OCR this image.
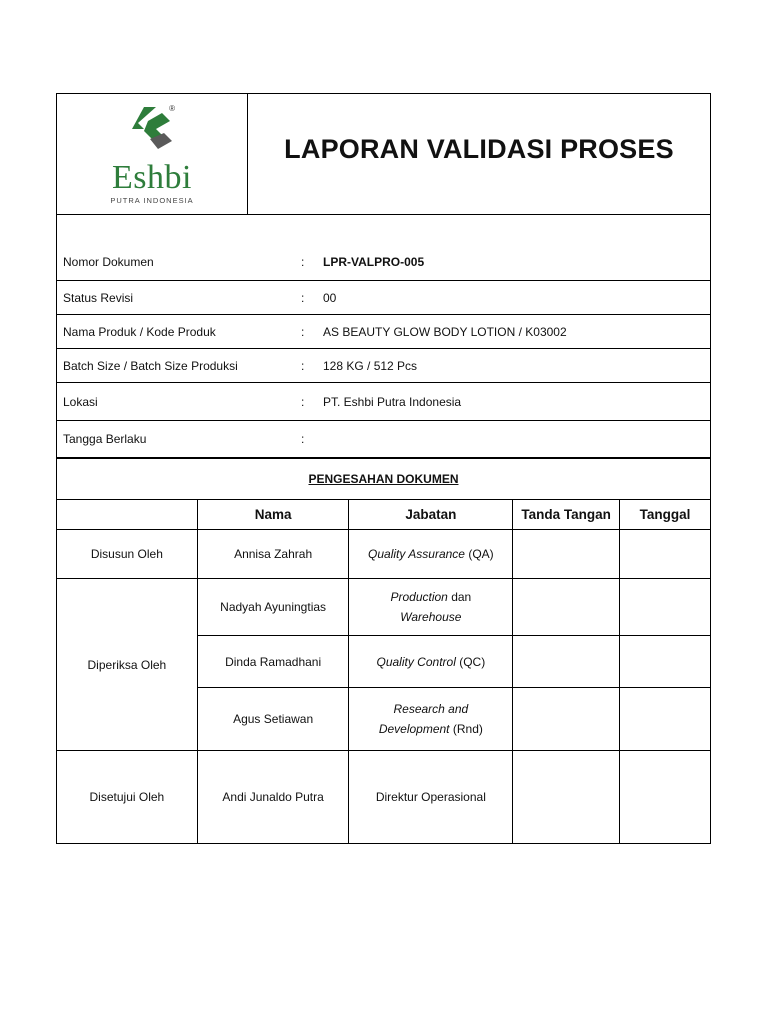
®
Eshbi
PUTRA INDONESIA
LAPORAN VALIDASI PROSES
Nomor Dokumen	:	LPR-VALPRO-005
Status Revisi	:	00
Nama Produk / Kode Produk	:	AS BEAUTY GLOW BODY LOTION / K03002
Batch Size / Batch Size Produksi	:	128 KG / 512 Pcs
Lokasi	:	PT. Eshbi Putra Indonesia
Tangga Berlaku	:
PENGESAHAN DOKUMEN				
	Nama	Jabatan	Tanda Tangan	Tanggal
Disusun Oleh	Annisa Zahrah	Quality Assurance (QA)		
Diperiksa Oleh	Nadyah Ayuningtias	Production dan
Warehouse		
	Dinda Ramadhani	Quality Control (QC)		
	Agus Setiawan	Research and
Development (Rnd)		
Disetujui Oleh	Andi Junaldo Putra	Direktur Operasional		
